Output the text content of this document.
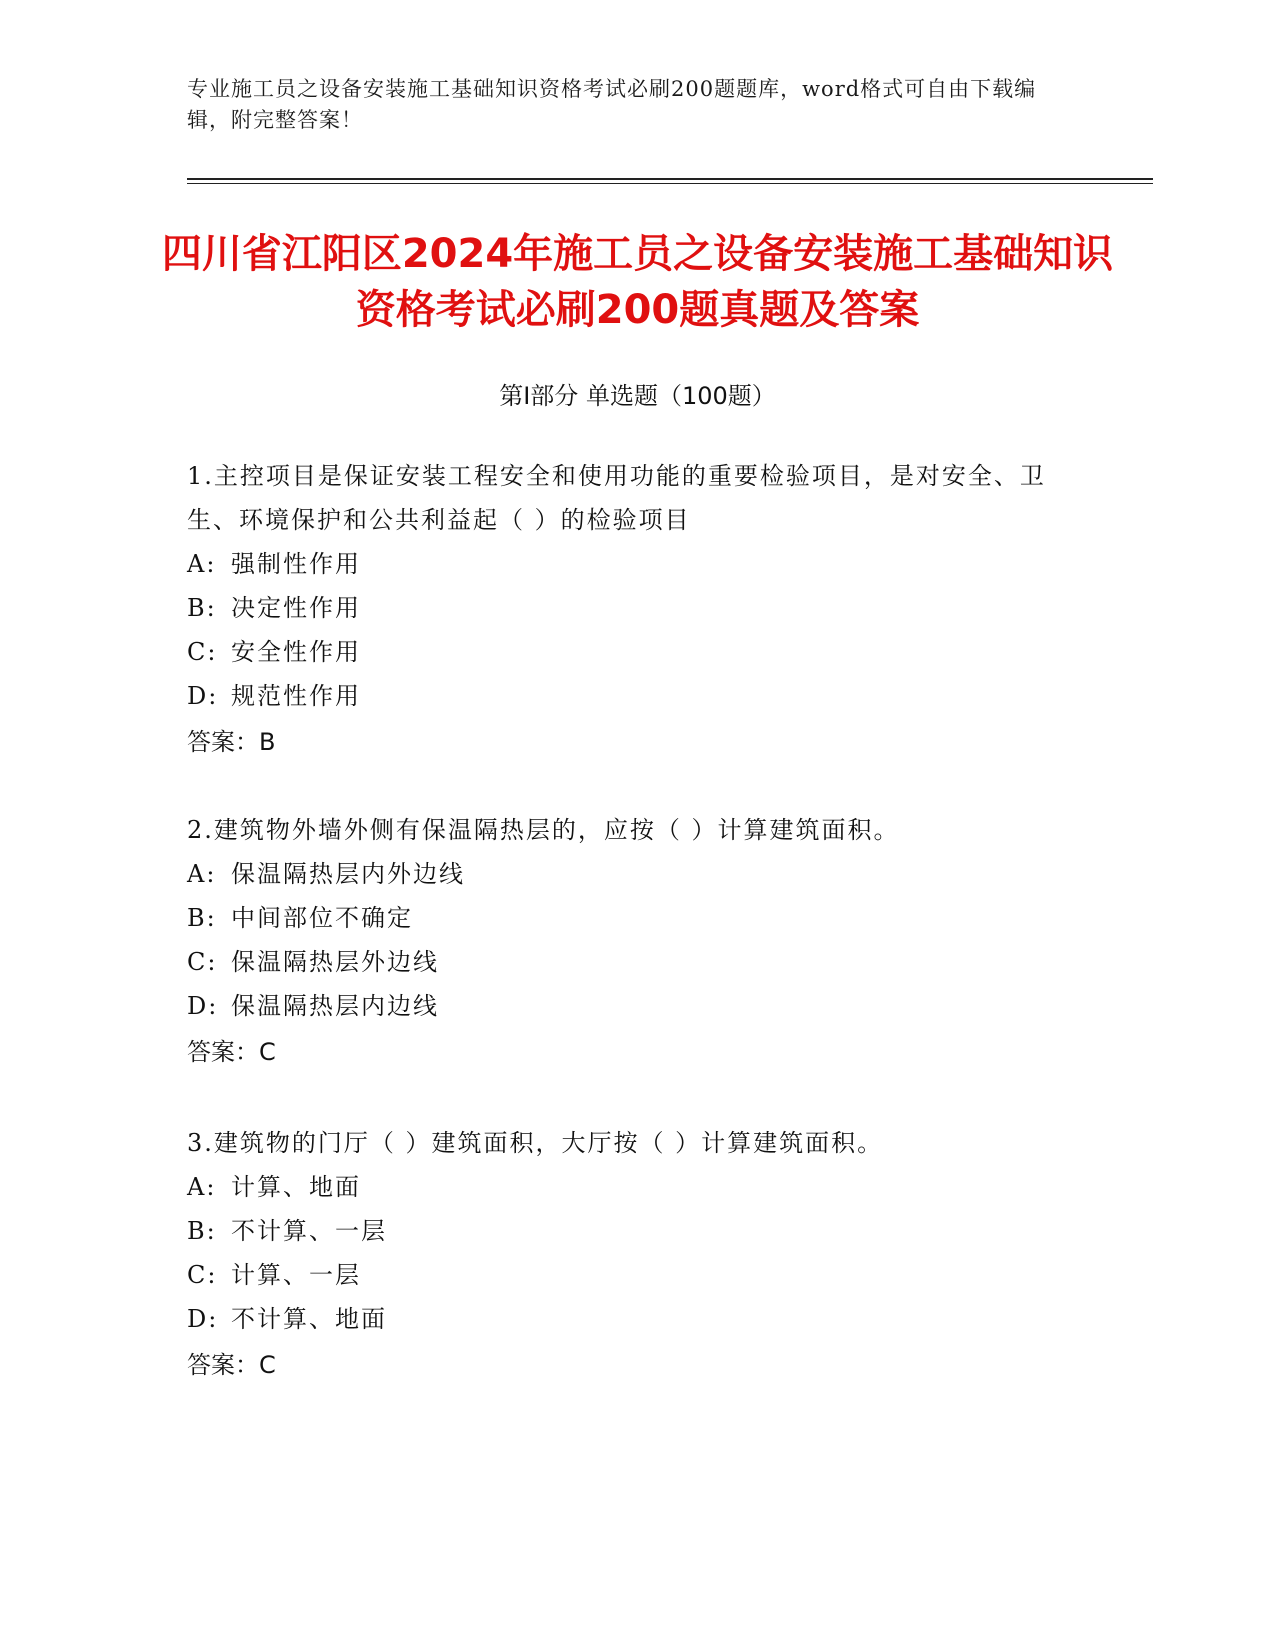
专业施工员之设备安装施工基础知识资格考试必刷200题题库，word格式可自由下载编辑，附完整答案！
四川省江阳区2024年施工员之设备安装施工基础知识资格考试必刷200题真题及答案
第Ⅰ部分 单选题（100题）
1.主控项目是保证安装工程安全和使用功能的重要检验项目，是对安全、卫生、环境保护和公共利益起（ ）的检验项目
A: 强制性作用
B: 决定性作用
C: 安全性作用
D: 规范性作用
答案：B
2.建筑物外墙外侧有保温隔热层的，应按（ ）计算建筑面积。
A: 保温隔热层内外边线
B: 中间部位不确定
C: 保温隔热层外边线
D: 保温隔热层内边线
答案：C
3.建筑物的门厅（ ）建筑面积，大厅按（ ）计算建筑面积。
A: 计算、地面
B: 不计算、一层
C: 计算、一层
D: 不计算、地面
答案：C
